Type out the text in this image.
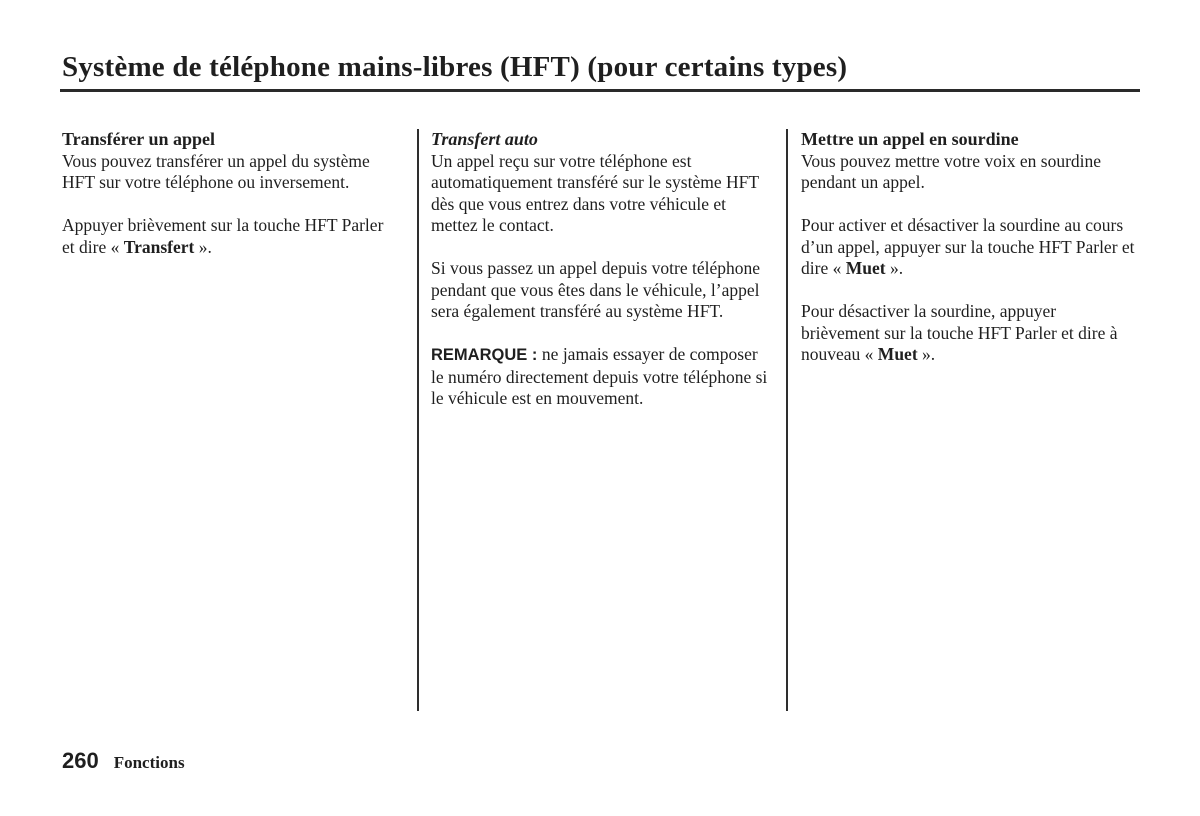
Système de téléphone mains-libres (HFT) (pour certains types)
Transférer un appel

Vous pouvez transférer un appel du système HFT sur votre téléphone ou inversement.

Appuyer brièvement sur la touche HFT Parler et dire « Transfert ».

Transfert auto

Un appel reçu sur votre téléphone est automatiquement transféré sur le système HFT dès que vous entrez dans votre véhicule et mettez le contact.

Si vous passez un appel depuis votre téléphone pendant que vous êtes dans le véhicule, l’appel sera également transféré au système HFT.

REMARQUE : ne jamais essayer de composer le numéro directement depuis votre téléphone si le véhicule est en mouvement.

Mettre un appel en sourdine

Vous pouvez mettre votre voix en sourdine pendant un appel.

Pour activer et désactiver la sourdine au cours d’un appel, appuyer sur la touche HFT Parler et dire « Muet ».

Pour désactiver la sourdine, appuyer brièvement sur la touche HFT Parler et dire à nouveau « Muet ».

260 Fonctions
